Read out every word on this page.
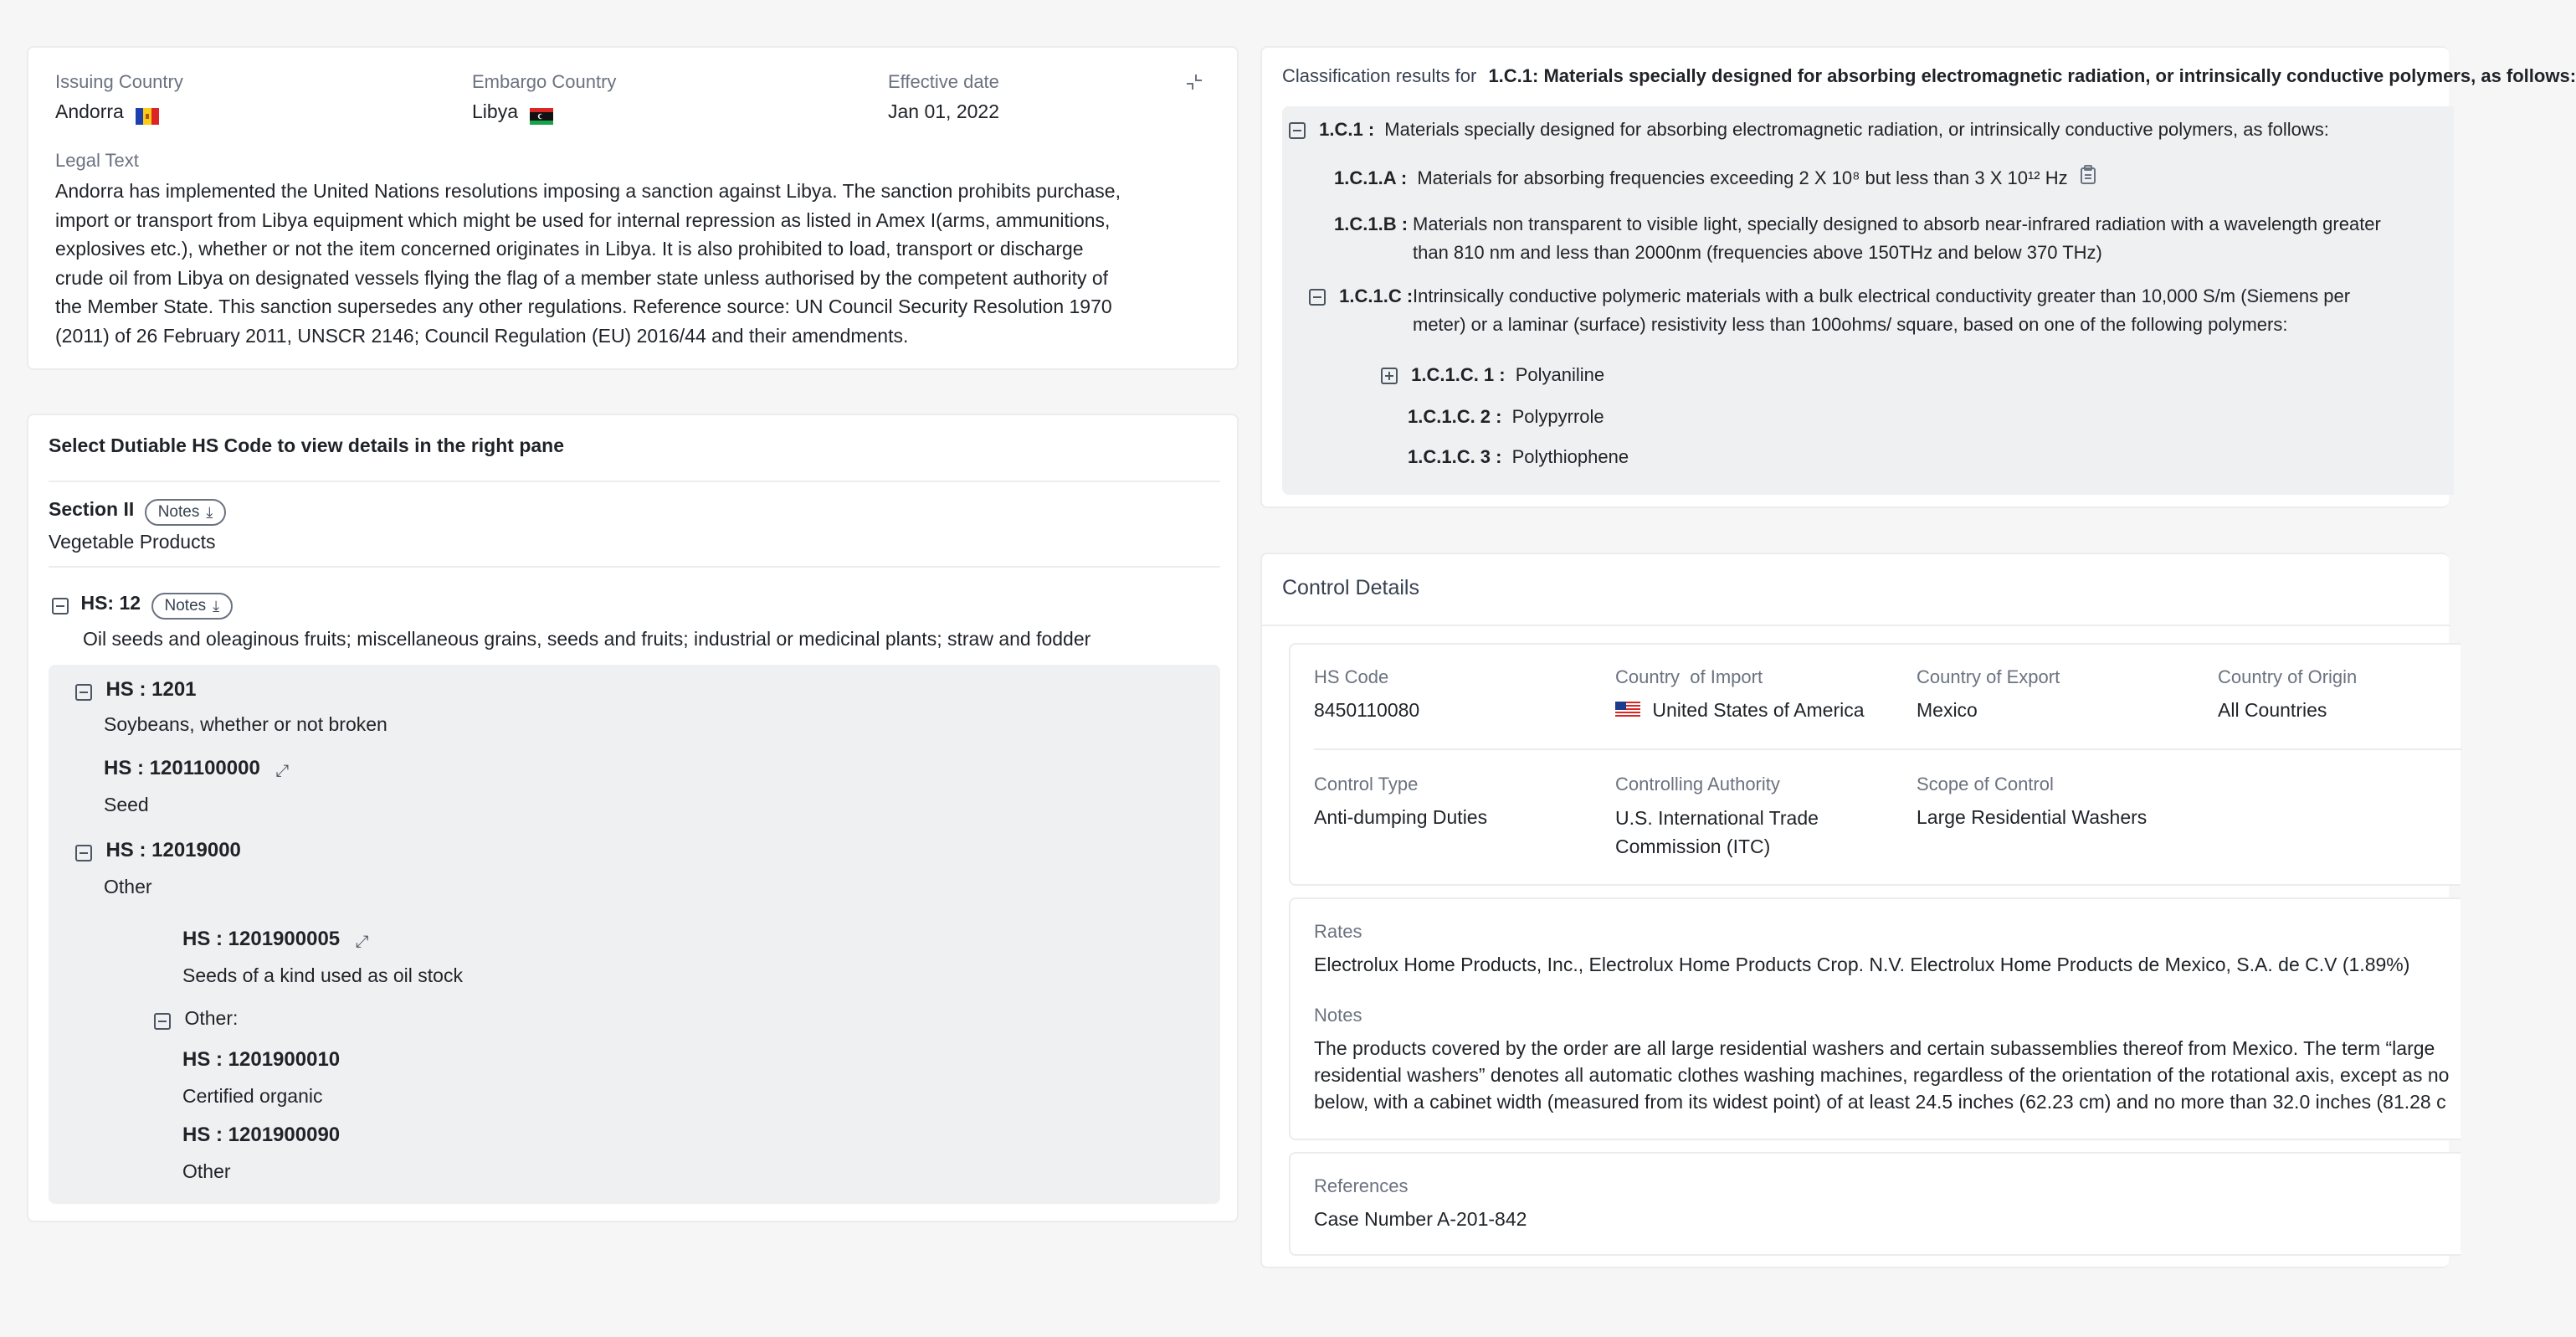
Issuing Country
Andorra
Embargo Country
Libya
Effective date
Jan 01, 2022
Legal Text
Andorra has implemented the United Nations resolutions imposing a sanction against Libya. The sanction prohibits purchase,
import or transport from Libya equipment which might be used for internal repression as listed in Amex I(arms, ammunitions,
explosives etc.), whether or not the item concerned originates in Libya. It is also prohibited to load, transport or discharge
crude oil from Libya on designated vessels flying the flag of a member state unless authorised by the competent authority of
the Member State. This sanction supersedes any other regulations. Reference source: UN Council Security Resolution 1970
(2011) of 26 February 2011, UNSCR 2146; Council Regulation (EU) 2016/44 and their amendments.
Select Dutiable HS Code to view details in the right pane
Section II Notes ⤓
Vegetable Products
HS: 12 Notes ⤓
Oil seeds and oleaginous fruits; miscellaneous grains, seeds and fruits; industrial or medicinal plants; straw and fodder
HS : 1201
Soybeans, whether or not broken
HS : 1201100000 ⤢
Seed
HS : 12019000
Other
HS : 1201900005 ⤢
Seeds of a kind used as oil stock
Other:
HS : 1201900010
Certified organic
HS : 1201900090
Other
Classification results for 1.C.1: Materials specially designed for absorbing electromagnetic radiation, or intrinsically conductive polymers, as follows:
1.C.1 : Materials specially designed for absorbing electromagnetic radiation, or intrinsically conductive polymers, as follows:
1.C.1.A : Materials for absorbing frequencies exceeding 2 X 10⁸ but less than 3 X 10¹² Hz
1.C.1.B : Materials non transparent to visible light, specially designed to absorb near-infrared radiation with a wavelength greater
than 810 nm and less than 2000nm (frequencies above 150THz and below 370 THz)
1.C.1.C : Intrinsically conductive polymeric materials with a bulk electrical conductivity greater than 10,000 S/m (Siemens per
meter) or a laminar (surface) resistivity less than 100ohms/ square, based on one of the following polymers:
1.C.1.C. 1 : Polyaniline
1.C.1.C. 2 : Polypyrrole
1.C.1.C. 3 : Polythiophene
Control Details
HS Code
8450110080
Country  of Import
United States of America
Country of Export
Mexico
Country of Origin
All Countries
Control Type
Anti-dumping Duties
Controlling Authority
U.S. International Trade
Commission (ITC)
Scope of Control
Large Residential Washers
Rates
Electrolux Home Products, Inc., Electrolux Home Products Crop. N.V. Electrolux Home Products de Mexico, S.A. de C.V (1.89%)
Notes
The products covered by the order are all large residential washers and certain subassemblies thereof from Mexico. The term “large
residential washers” denotes all automatic clothes washing machines, regardless of the orientation of the rotational axis, except as no
below, with a cabinet width (measured from its widest point) of at least 24.5 inches (62.23 cm) and no more than 32.0 inches (81.28 c
References
Case Number A-201-842
